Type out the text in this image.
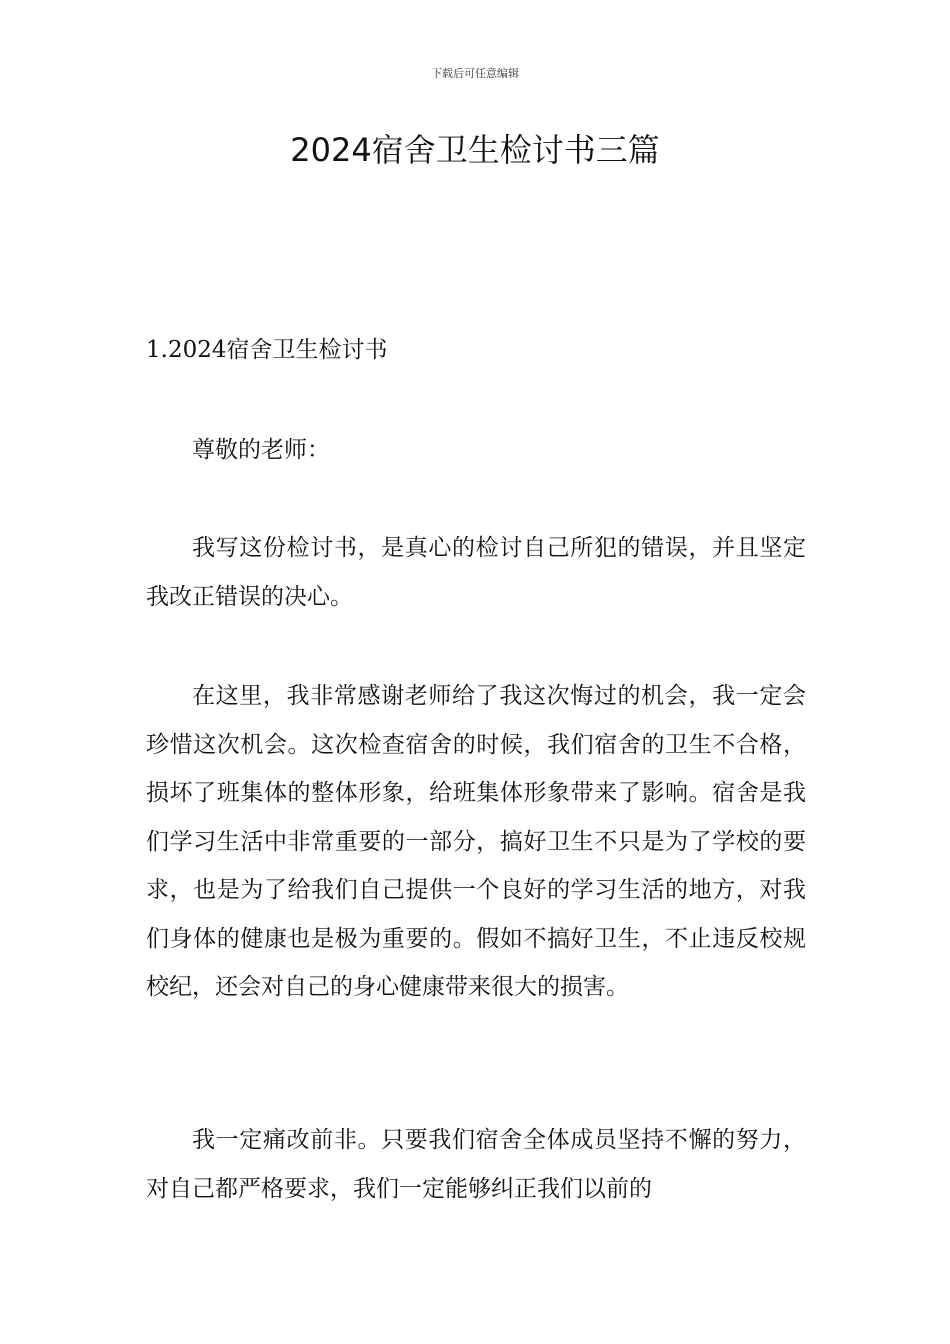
下载后可任意编辑
2024宿舍卫生检讨书三篇
1.2024宿舍卫生检讨书

尊敬的老师：

我写这份检讨书，是真心的检讨自己所犯的错误，并且坚定我改正错误的决心。

在这里，我非常感谢老师给了我这次悔过的机会，我一定会珍惜这次机会。这次检查宿舍的时候，我们宿舍的卫生不合格，损坏了班集体的整体形象，给班集体形象带来了影响。宿舍是我们学习生活中非常重要的一部分，搞好卫生不只是为了学校的要求，也是为了给我们自己提供一个良好的学习生活的地方，对我们身体的健康也是极为重要的。假如不搞好卫生，不止违反校规校纪，还会对自己的身心健康带来很大的损害。

我一定痛改前非。只要我们宿舍全体成员坚持不懈的努力，对自己都严格要求，我们一定能够纠正我们以前的
